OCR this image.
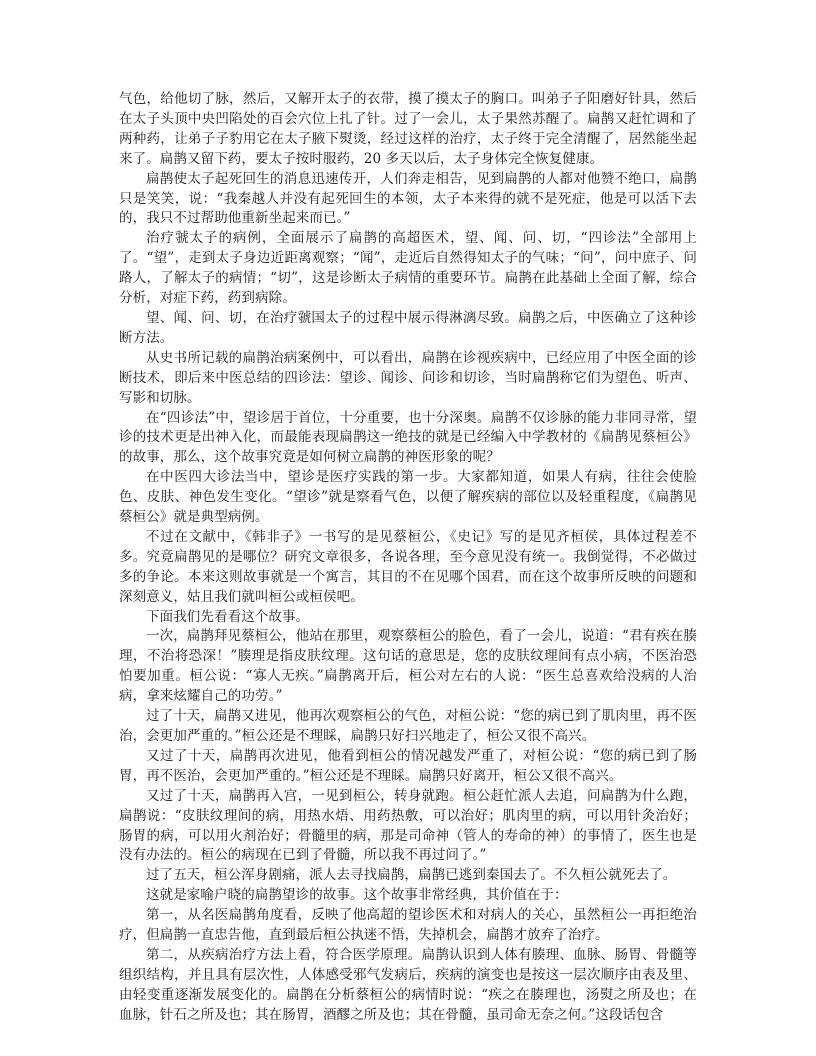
气色，给他切了脉，然后，又解开太子的衣带，摸了摸太子的胸口。叫弟子子阳磨好针具，然后在太子头顶中央凹陷处的百会穴位上扎了针。过了一会儿，太子果然苏醒了。扁鹊又赶忙调和了两种药，让弟子子豹用它在太子腋下熨烫，经过这样的治疗，太子终于完全清醒了，居然能坐起来了。扁鹊又留下药，要太子按时服药，20 多天以后，太子身体完全恢复健康。

扁鹊使太子起死回生的消息迅速传开，人们奔走相告，见到扁鹊的人都对他赞不绝口，扁鹊只是笑笑，说：“我秦越人并没有起死回生的本领，太子本来得的就不是死症，他是可以活下去的，我只不过帮助他重新坐起来而已。”

治疗虢太子的病例，全面展示了扁鹊的高超医术，望、闻、问、切，“四诊法”全部用上了。“望”，走到太子身边近距离观察；“闻”，走近后自然得知太子的气味；“问”，问中庶子、问路人，了解太子的病情；“切”，这是诊断太子病情的重要环节。扁鹊在此基础上全面了解，综合分析，对症下药，药到病除。

望、闻、问、切，在治疗虢国太子的过程中展示得淋漓尽致。扁鹊之后，中医确立了这种诊断方法。

从史书所记载的扁鹊治病案例中，可以看出，扁鹊在诊视疾病中，已经应用了中医全面的诊断技术，即后来中医总结的四诊法：望诊、闻诊、问诊和切诊，当时扁鹊称它们为望色、听声、写影和切脉。

在“四诊法”中，望诊居于首位，十分重要，也十分深奥。扁鹊不仅诊脉的能力非同寻常，望诊的技术更是出神入化，而最能表现扁鹊这一绝技的就是已经编入中学教材的《扁鹊见蔡桓公》的故事，那么，这个故事究竟是如何树立扁鹊的神医形象的呢？

在中医四大诊法当中，望诊是医疗实践的第一步。大家都知道，如果人有病，往往会使脸色、皮肤、神色发生变化。“望诊”就是察看气色，以便了解疾病的部位以及轻重程度，《扁鹊见蔡桓公》就是典型病例。

不过在文献中，《韩非子》一书写的是见蔡桓公，《史记》写的是见齐桓侯，具体过程差不多。究竟扁鹊见的是哪位？研究文章很多，各说各理，至今意见没有统一。我倒觉得，不必做过多的争论。本来这则故事就是一个寓言，其目的不在见哪个国君，而在这个故事所反映的问题和深刻意义，姑且我们就叫桓公或桓侯吧。

下面我们先看看这个故事。

一次，扁鹊拜见蔡桓公，他站在那里，观察蔡桓公的脸色，看了一会儿，说道：“君有疾在腠理，不治将恐深！”腠理是指皮肤纹理。这句话的意思是，您的皮肤纹理间有点小病，不医治恐怕要加重。桓公说：“寡人无疾。”扁鹊离开后，桓公对左右的人说：“医生总喜欢给没病的人治病，拿来炫耀自己的功劳。”

过了十天，扁鹊又进见，他再次观察桓公的气色，对桓公说：“您的病已到了肌肉里，再不医治，会更加严重的。”桓公还是不理睬，扁鹊只好扫兴地走了，桓公又很不高兴。

又过了十天，扁鹊再次进见，他看到桓公的情况越发严重了，对桓公说：“您的病已到了肠胃，再不医治，会更加严重的。”桓公还是不理睬。扁鹊只好离开，桓公又很不高兴。

又过了十天，扁鹊再入宫，一见到桓公，转身就跑。桓公赶忙派人去追，问扁鹊为什么跑，扁鹊说：“皮肤纹理间的病，用热水焐、用药热敷，可以治好；肌肉里的病，可以用针灸治好；肠胃的病，可以用火剂治好；骨髓里的病，那是司命神（管人的寿命的神）的事情了，医生也是没有办法的。桓公的病现在已到了骨髓，所以我不再过问了。”

过了五天，桓公浑身剧痛，派人去寻找扁鹊，扁鹊已逃到秦国去了。不久桓公就死去了。

这就是家喻户晓的扁鹊望诊的故事。这个故事非常经典，其价值在于：

第一，从名医扁鹊角度看，反映了他高超的望诊医术和对病人的关心，虽然桓公一再拒绝治疗，但扁鹊一直忠告他，直到最后桓公执迷不悟，失掉机会，扁鹊才放弃了治疗。

第二，从疾病治疗方法上看，符合医学原理。扁鹊认识到人体有腠理、血脉、肠胃、骨髓等组织结构，并且具有层次性，人体感受邪气发病后，疾病的演变也是按这一层次顺序由表及里、由轻变重逐渐发展变化的。扁鹊在分析蔡桓公的病情时说：“疾之在腠理也，汤熨之所及也；在血脉，针石之所及也；其在肠胃，酒醪之所及也；其在骨髓，虽司命无奈之何。”这段话包含
